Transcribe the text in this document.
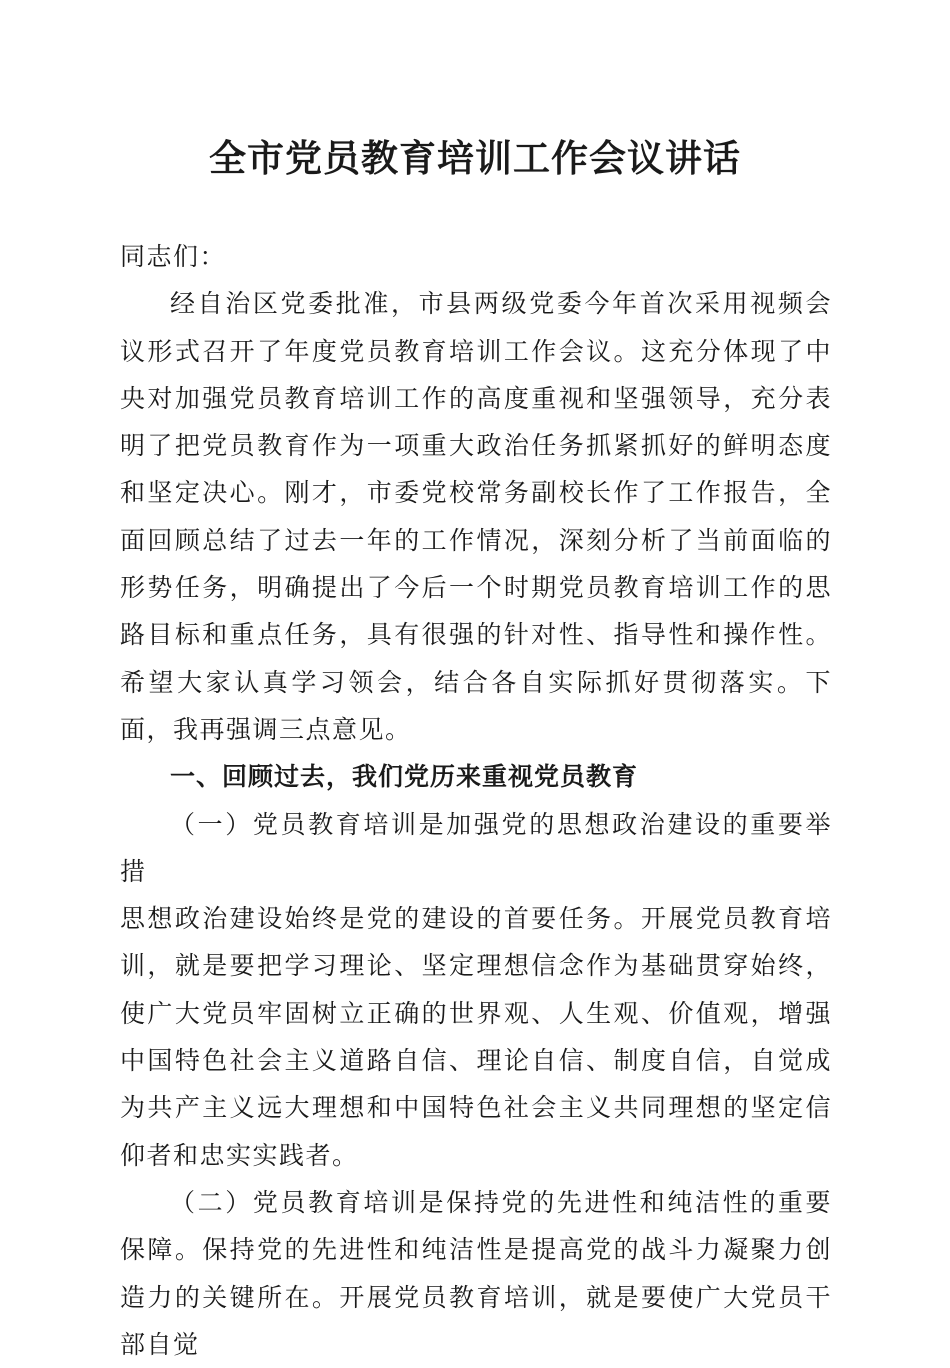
全市党员教育培训工作会议讲话

同志们：

经自治区党委批准，市县两级党委今年首次采用视频会议形式召开了年度党员教育培训工作会议。这充分体现了中央对加强党员教育培训工作的高度重视和坚强领导，充分表明了把党员教育作为一项重大政治任务抓紧抓好的鲜明态度和坚定决心。刚才，市委党校常务副校长作了工作报告，全面回顾总结了过去一年的工作情况，深刻分析了当前面临的形势任务，明确提出了今后一个时期党员教育培训工作的思路目标和重点任务，具有很强的针对性、指导性和操作性。希望大家认真学习领会，结合各自实际抓好贯彻落实。下面，我再强调三点意见。

一、回顾过去，我们党历来重视党员教育

（一）党员教育培训是加强党的思想政治建设的重要举措

思想政治建设始终是党的建设的首要任务。开展党员教育培训，就是要把学习理论、坚定理想信念作为基础贯穿始终，使广大党员牢固树立正确的世界观、人生观、价值观，增强中国特色社会主义道路自信、理论自信、制度自信，自觉成为共产主义远大理想和中国特色社会主义共同理想的坚定信仰者和忠实实践者。

（二）党员教育培训是保持党的先进性和纯洁性的重要保障。保持党的先进性和纯洁性是提高党的战斗力凝聚力创造力的关键所在。开展党员教育培训，就是要使广大党员干部自觉
